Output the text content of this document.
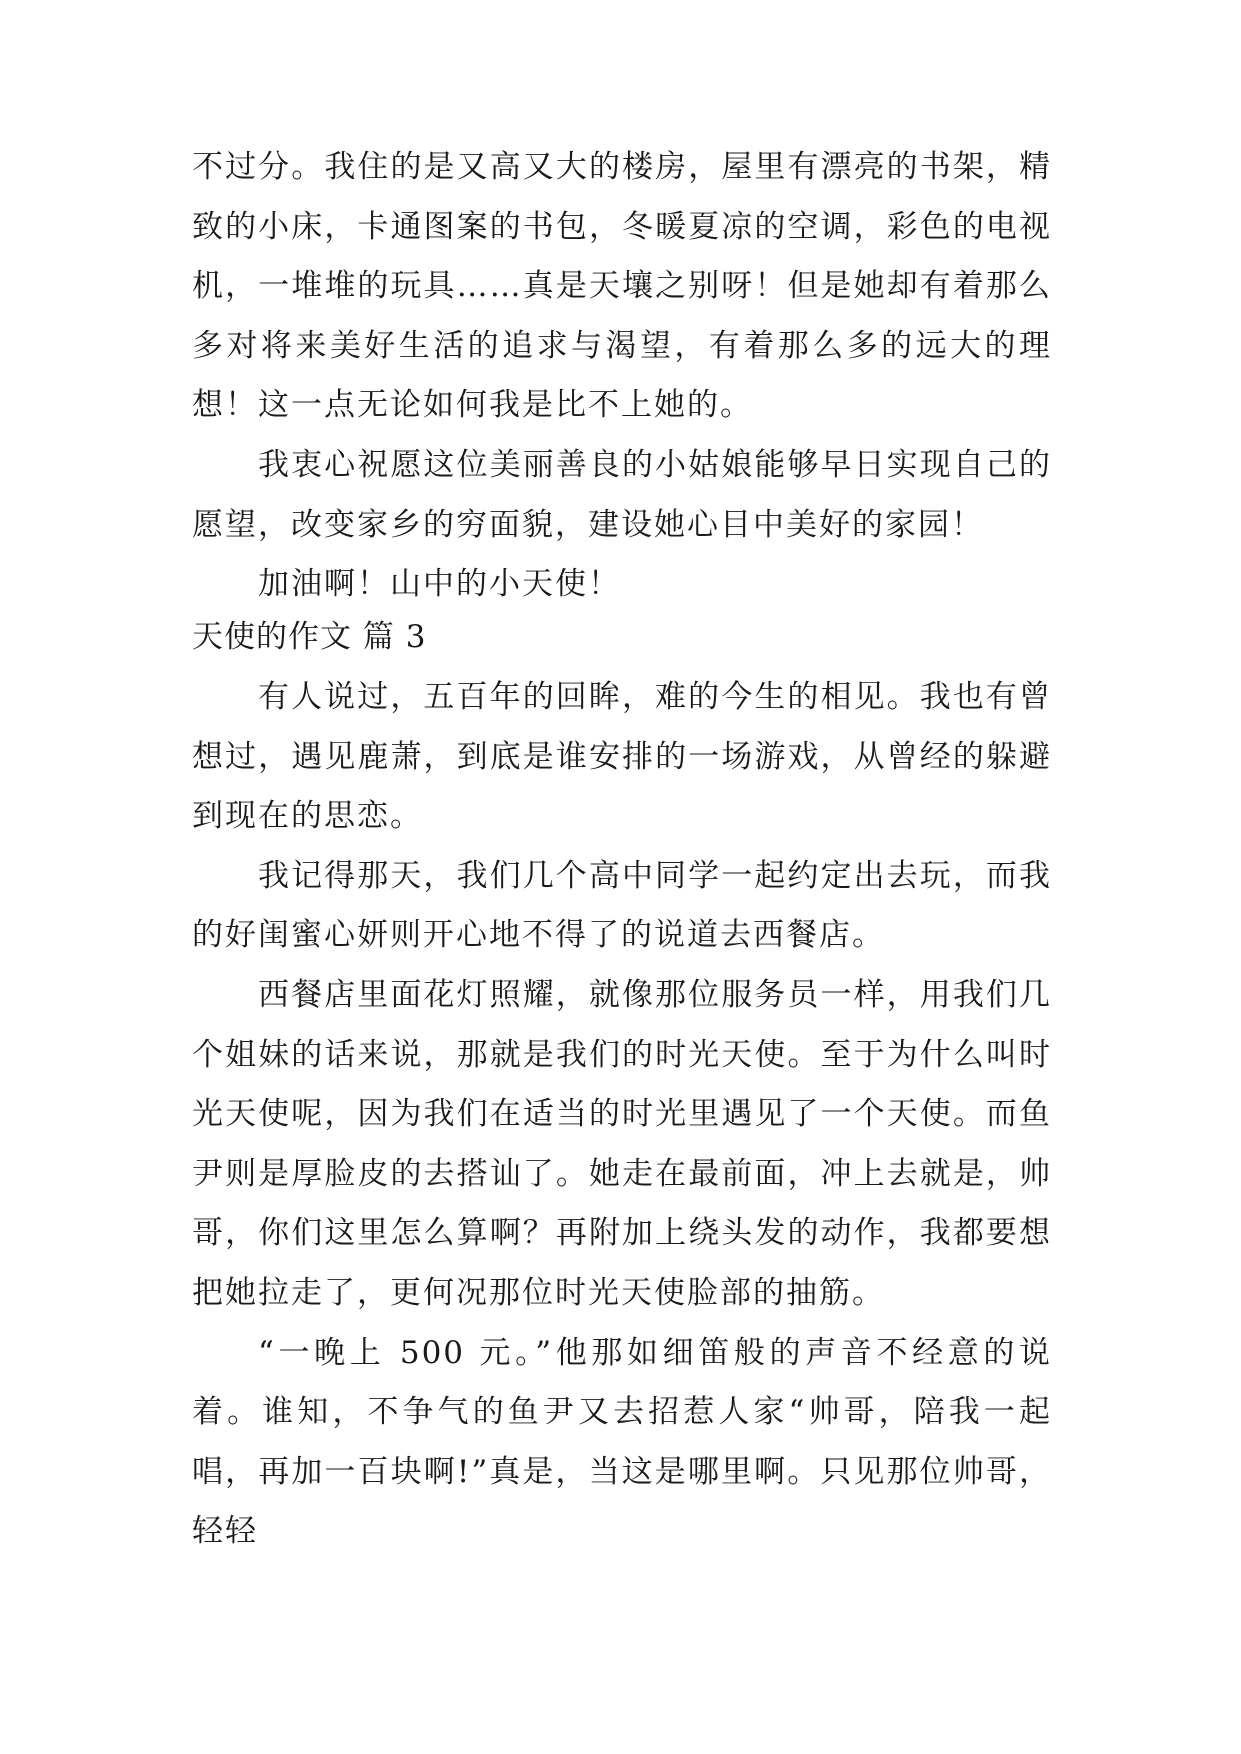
不过分。我住的是又高又大的楼房，屋里有漂亮的书架，精致的小床，卡通图案的书包，冬暖夏凉的空调，彩色的电视机，一堆堆的玩具……真是天壤之别呀！但是她却有着那么多对将来美好生活的追求与渴望，有着那么多的远大的理想！这一点无论如何我是比不上她的。

我衷心祝愿这位美丽善良的小姑娘能够早日实现自己的愿望，改变家乡的穷面貌，建设她心目中美好的家园！

加油啊！山中的小天使！

天使的作文 篇 3

有人说过，五百年的回眸，难的今生的相见。我也有曾想过，遇见鹿萧，到底是谁安排的一场游戏，从曾经的躲避到现在的思恋。

我记得那天，我们几个高中同学一起约定出去玩，而我的好闺蜜心妍则开心地不得了的说道去西餐店。

西餐店里面花灯照耀，就像那位服务员一样，用我们几个姐妹的话来说，那就是我们的时光天使。至于为什么叫时光天使呢，因为我们在适当的时光里遇见了一个天使。而鱼尹则是厚脸皮的去搭讪了。她走在最前面，冲上去就是，帅哥，你们这里怎么算啊？再附加上绕头发的动作，我都要想把她拉走了，更何况那位时光天使脸部的抽筋。

“一晚上 500 元。”他那如细笛般的声音不经意的说着。谁知，不争气的鱼尹又去招惹人家“帅哥，陪我一起唱，再加一百块啊!”真是，当这是哪里啊。只见那位帅哥，轻轻
